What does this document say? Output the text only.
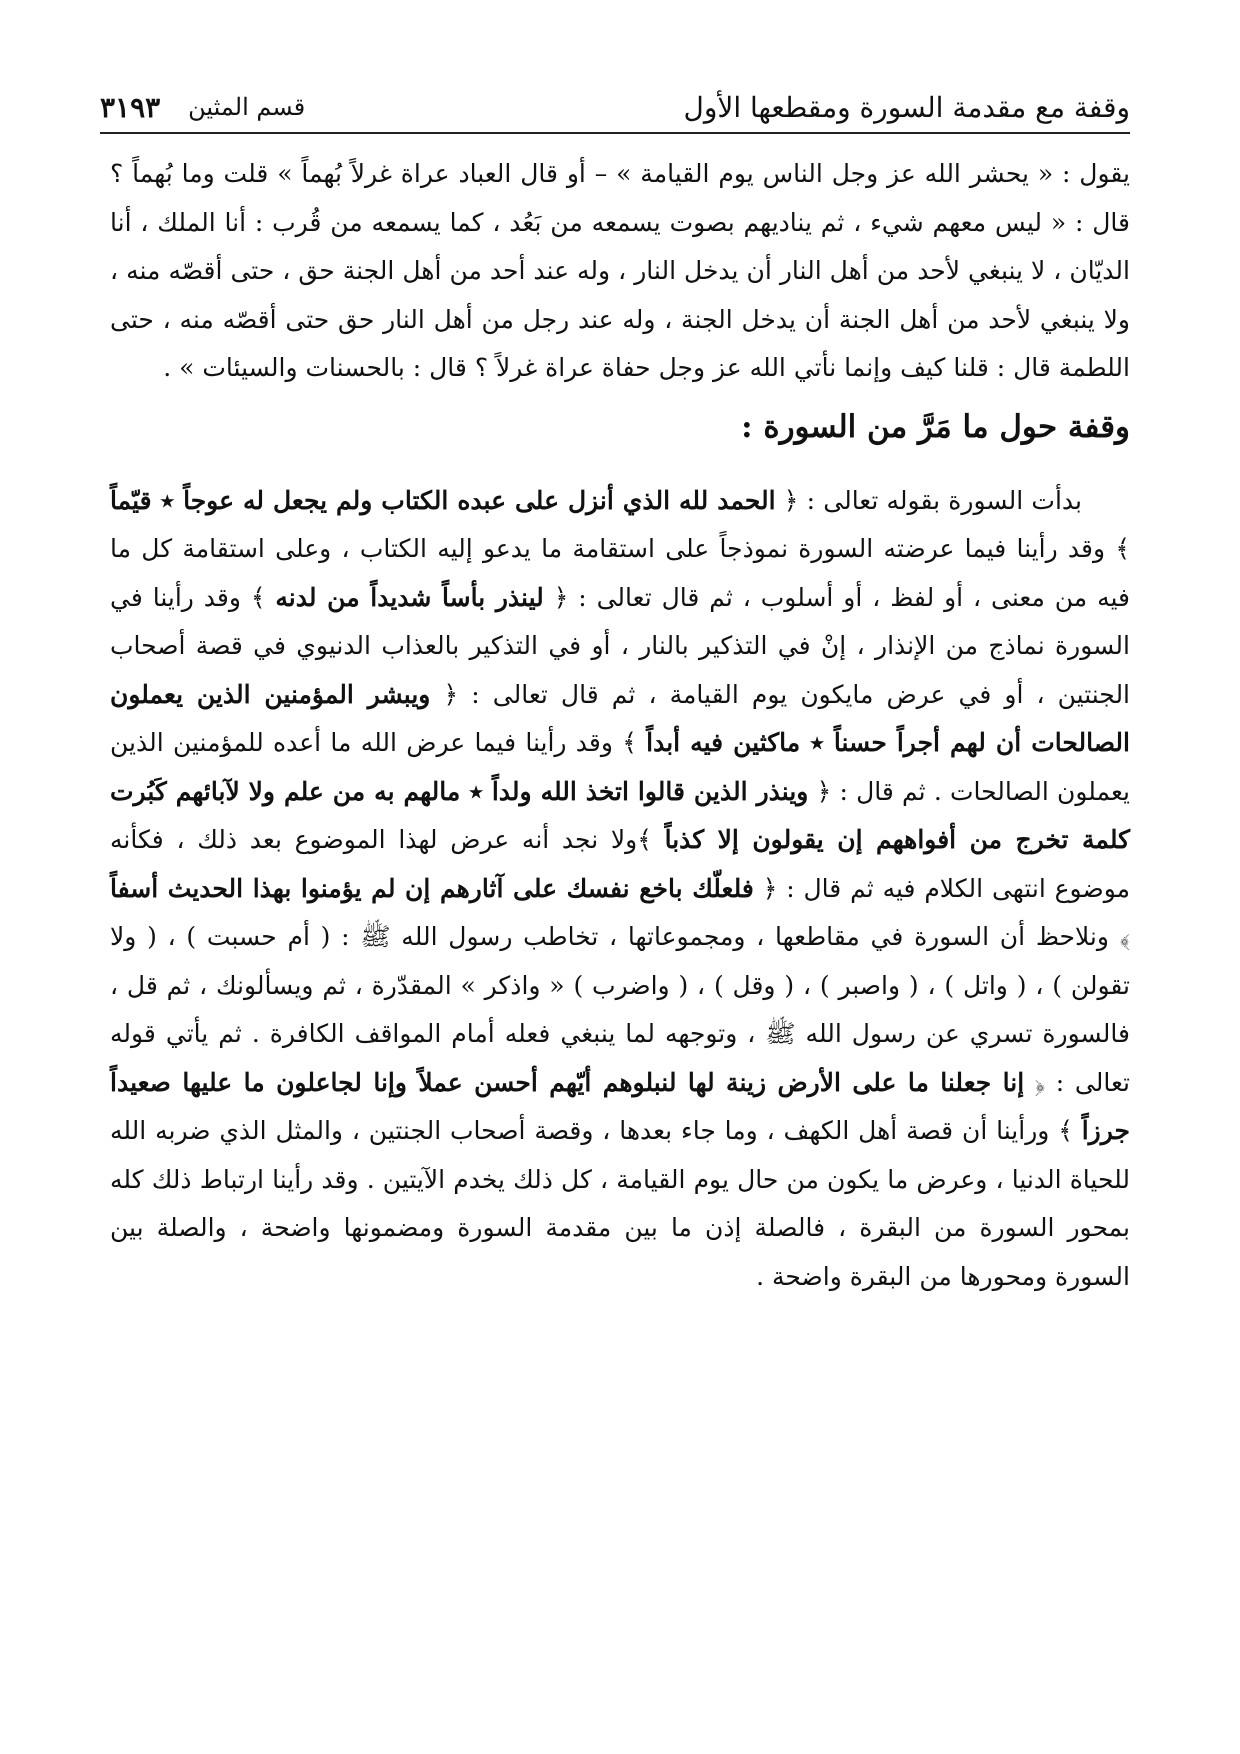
وقفة مع مقدمة السورة ومقطعها الأول
قسم المثين
٣١٩٣

يقول : « يحشر الله عز وجل الناس يوم القيامة » – أو قال العباد عراة غرلاً بُهماً » قلت وما بُهماً ؟ قال : « ليس معهم شيء ، ثم يناديهم بصوت يسمعه من بَعُد ، كما يسمعه من قُرب : أنا الملك ، أنا الديّان ، لا ينبغي لأحد من أهل النار أن يدخل النار ، وله عند أحد من أهل الجنة حق ، حتى أقصّه منه ، ولا ينبغي لأحد من أهل الجنة أن يدخل الجنة ، وله عند رجل من أهل النار حق حتى أقصّه منه ، حتى اللطمة قال : قلنا كيف وإنما نأتي الله عز وجل حفاة عراة غرلاً ؟ قال : بالحسنات والسيئات » .

وقفة حول ما مَرَّ من السورة :

بدأت السورة بقوله تعالى : ﴿ الحمد لله الذي أنزل على عبده الكتاب ولم يجعل له عوجاً ٭ قيّماً ﴾ وقد رأينا فيما عرضته السورة نموذجاً على استقامة ما يدعو إليه الكتاب ، وعلى استقامة كل ما فيه من معنى ، أو لفظ ، أو أسلوب ، ثم قال تعالى : ﴿ لينذر بأساً شديداً من لدنه ﴾ وقد رأينا في السورة نماذج من الإنذار ، إنْ في التذكير بالنار ، أو في التذكير بالعذاب الدنيوي في قصة أصحاب الجنتين ، أو في عرض مايكون يوم القيامة ، ثم قال تعالى : ﴿ ويبشر المؤمنين الذين يعملون الصالحات أن لهم أجراً حسناً ٭ ماكثين فيه أبداً ﴾ وقد رأينا فيما عرض الله ما أعده للمؤمنين الذين يعملون الصالحات . ثم قال : ﴿ وينذر الذين قالوا اتخذ الله ولداً ٭ مالهم به من علم ولا لآبائهم كَبُرت كلمة تخرج من أفواههم إن يقولون إلا كذباً ﴾ولا نجد أنه عرض لهذا الموضوع بعد ذلك ، فكأنه موضوع انتهى الكلام فيه ثم قال : ﴿ فلعلّك باخع نفسك على آثارهم إن لم يؤمنوا بهذا الحديث أسفاً ﴾ ونلاحظ أن السورة في مقاطعها ، ومجموعاتها ، تخاطب رسول الله ﷺ : ( أم حسبت ) ، ( ولا تقولن ) ، ( واتل ) ، ( واصبر ) ، ( وقل ) ، ( واضرب ) « واذكر » المقدّرة ، ثم ويسألونك ، ثم قل ، فالسورة تسري عن رسول الله ﷺ ، وتوجهه لما ينبغي فعله أمام المواقف الكافرة . ثم يأتي قوله تعالى : ﴿ إنا جعلنا ما على الأرض زينة لها لنبلوهم أيّهم أحسن عملاً وإنا لجاعلون ما عليها صعيداً جرزاً ﴾ ورأينا أن قصة أهل الكهف ، وما جاء بعدها ، وقصة أصحاب الجنتين ، والمثل الذي ضربه الله للحياة الدنيا ، وعرض ما يكون من حال يوم القيامة ، كل ذلك يخدم الآيتين . وقد رأينا ارتباط ذلك كله بمحور السورة من البقرة ، فالصلة إذن ما بين مقدمة السورة ومضمونها واضحة ، والصلة بين السورة ومحورها من البقرة واضحة .
